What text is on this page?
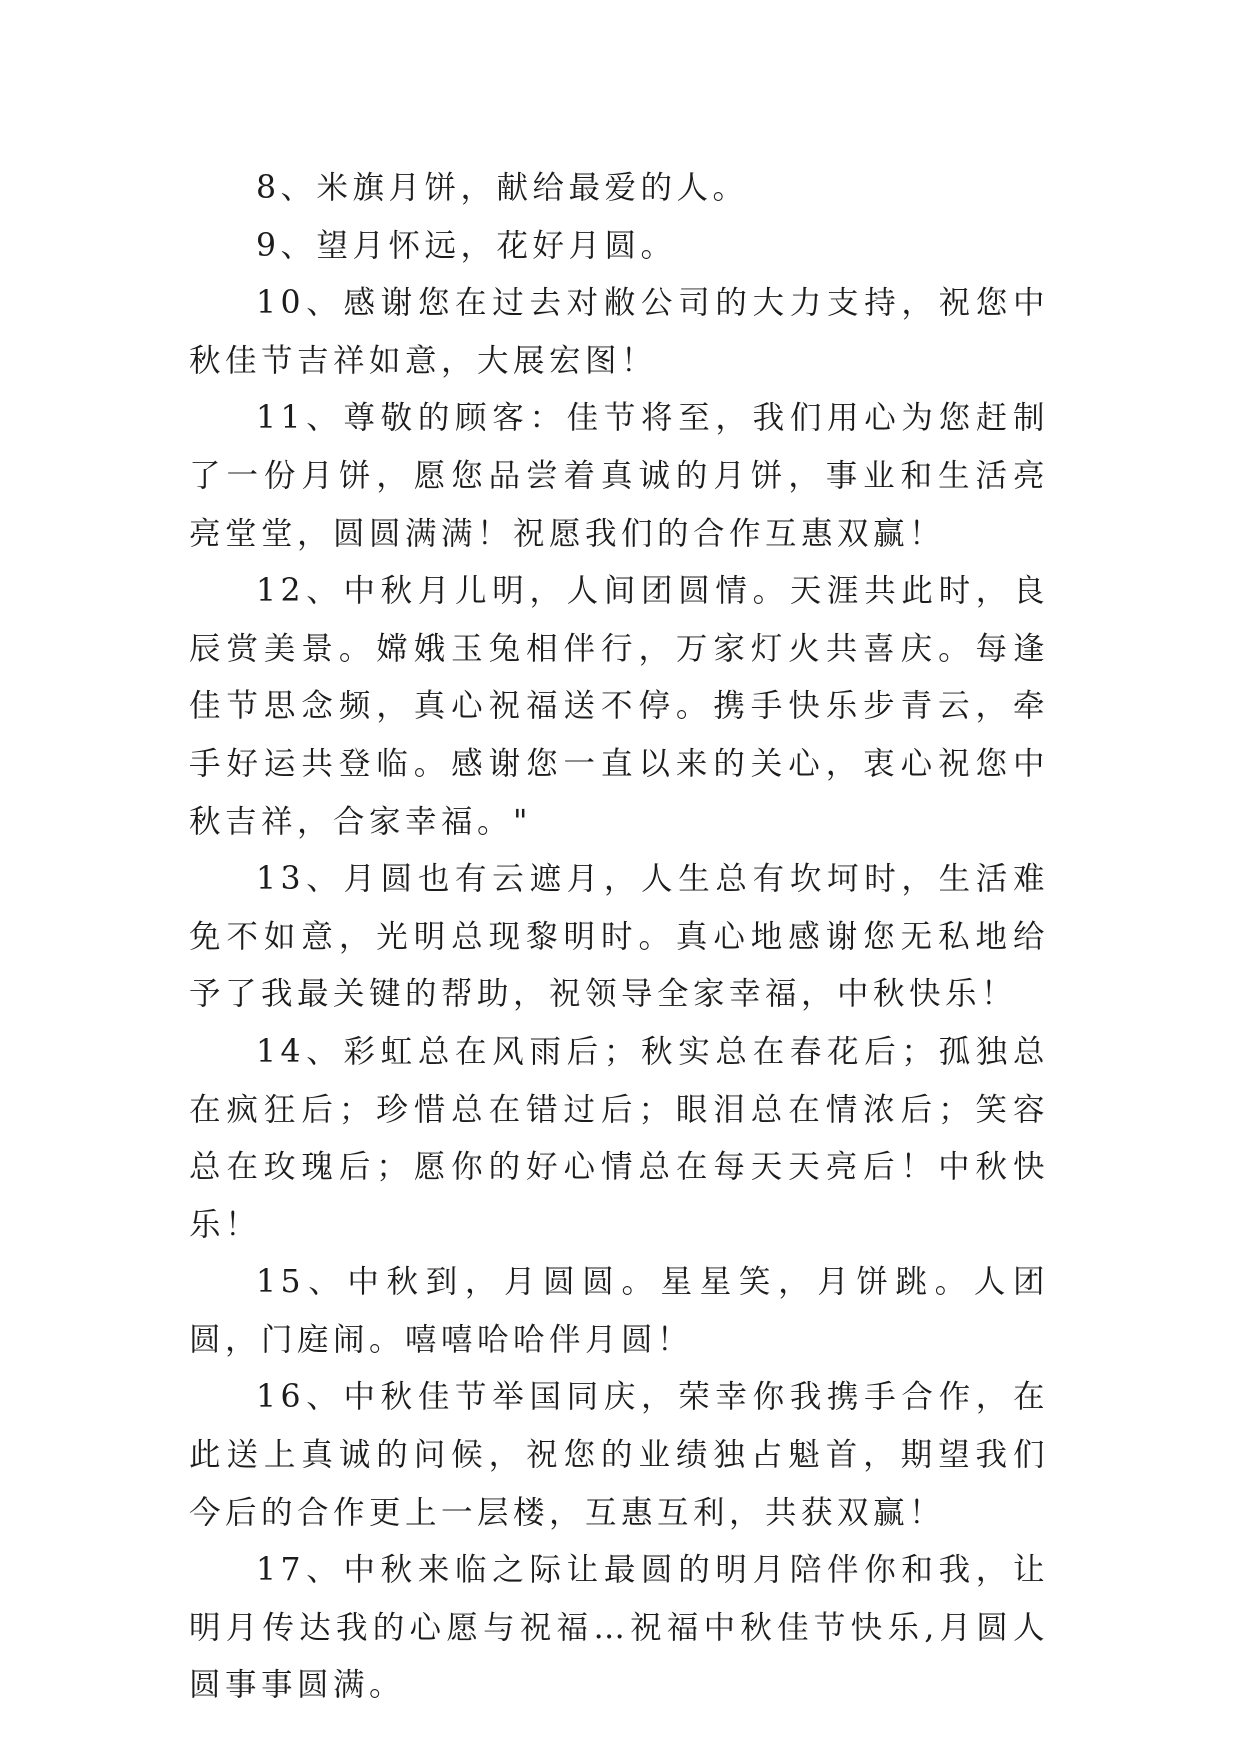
8、米旗月饼，献给最爱的人。

9、望月怀远，花好月圆。

10、感谢您在过去对敝公司的大力支持，祝您中秋佳节吉祥如意，大展宏图！

11、尊敬的顾客：佳节将至，我们用心为您赶制了一份月饼，愿您品尝着真诚的月饼，事业和生活亮亮堂堂，圆圆满满！祝愿我们的合作互惠双赢！

12、中秋月儿明，人间团圆情。天涯共此时，良辰赏美景。嫦娥玉兔相伴行，万家灯火共喜庆。每逢佳节思念频，真心祝福送不停。携手快乐步青云，牵手好运共登临。感谢您一直以来的关心，衷心祝您中秋吉祥，合家幸福。"

13、月圆也有云遮月，人生总有坎坷时，生活难免不如意，光明总现黎明时。真心地感谢您无私地给予了我最关键的帮助，祝领导全家幸福，中秋快乐！

14、彩虹总在风雨后；秋实总在春花后；孤独总在疯狂后；珍惜总在错过后；眼泪总在情浓后；笑容总在玫瑰后；愿你的好心情总在每天天亮后！中秋快乐！

15、中秋到，月圆圆。星星笑，月饼跳。人团圆，门庭闹。嘻嘻哈哈伴月圆！

16、中秋佳节举国同庆，荣幸你我携手合作，在此送上真诚的问候，祝您的业绩独占魁首，期望我们今后的合作更上一层楼，互惠互利，共获双赢！

17、中秋来临之际让最圆的明月陪伴你和我，让明月传达我的心愿与祝福…祝福中秋佳节快乐,月圆人圆事事圆满。
